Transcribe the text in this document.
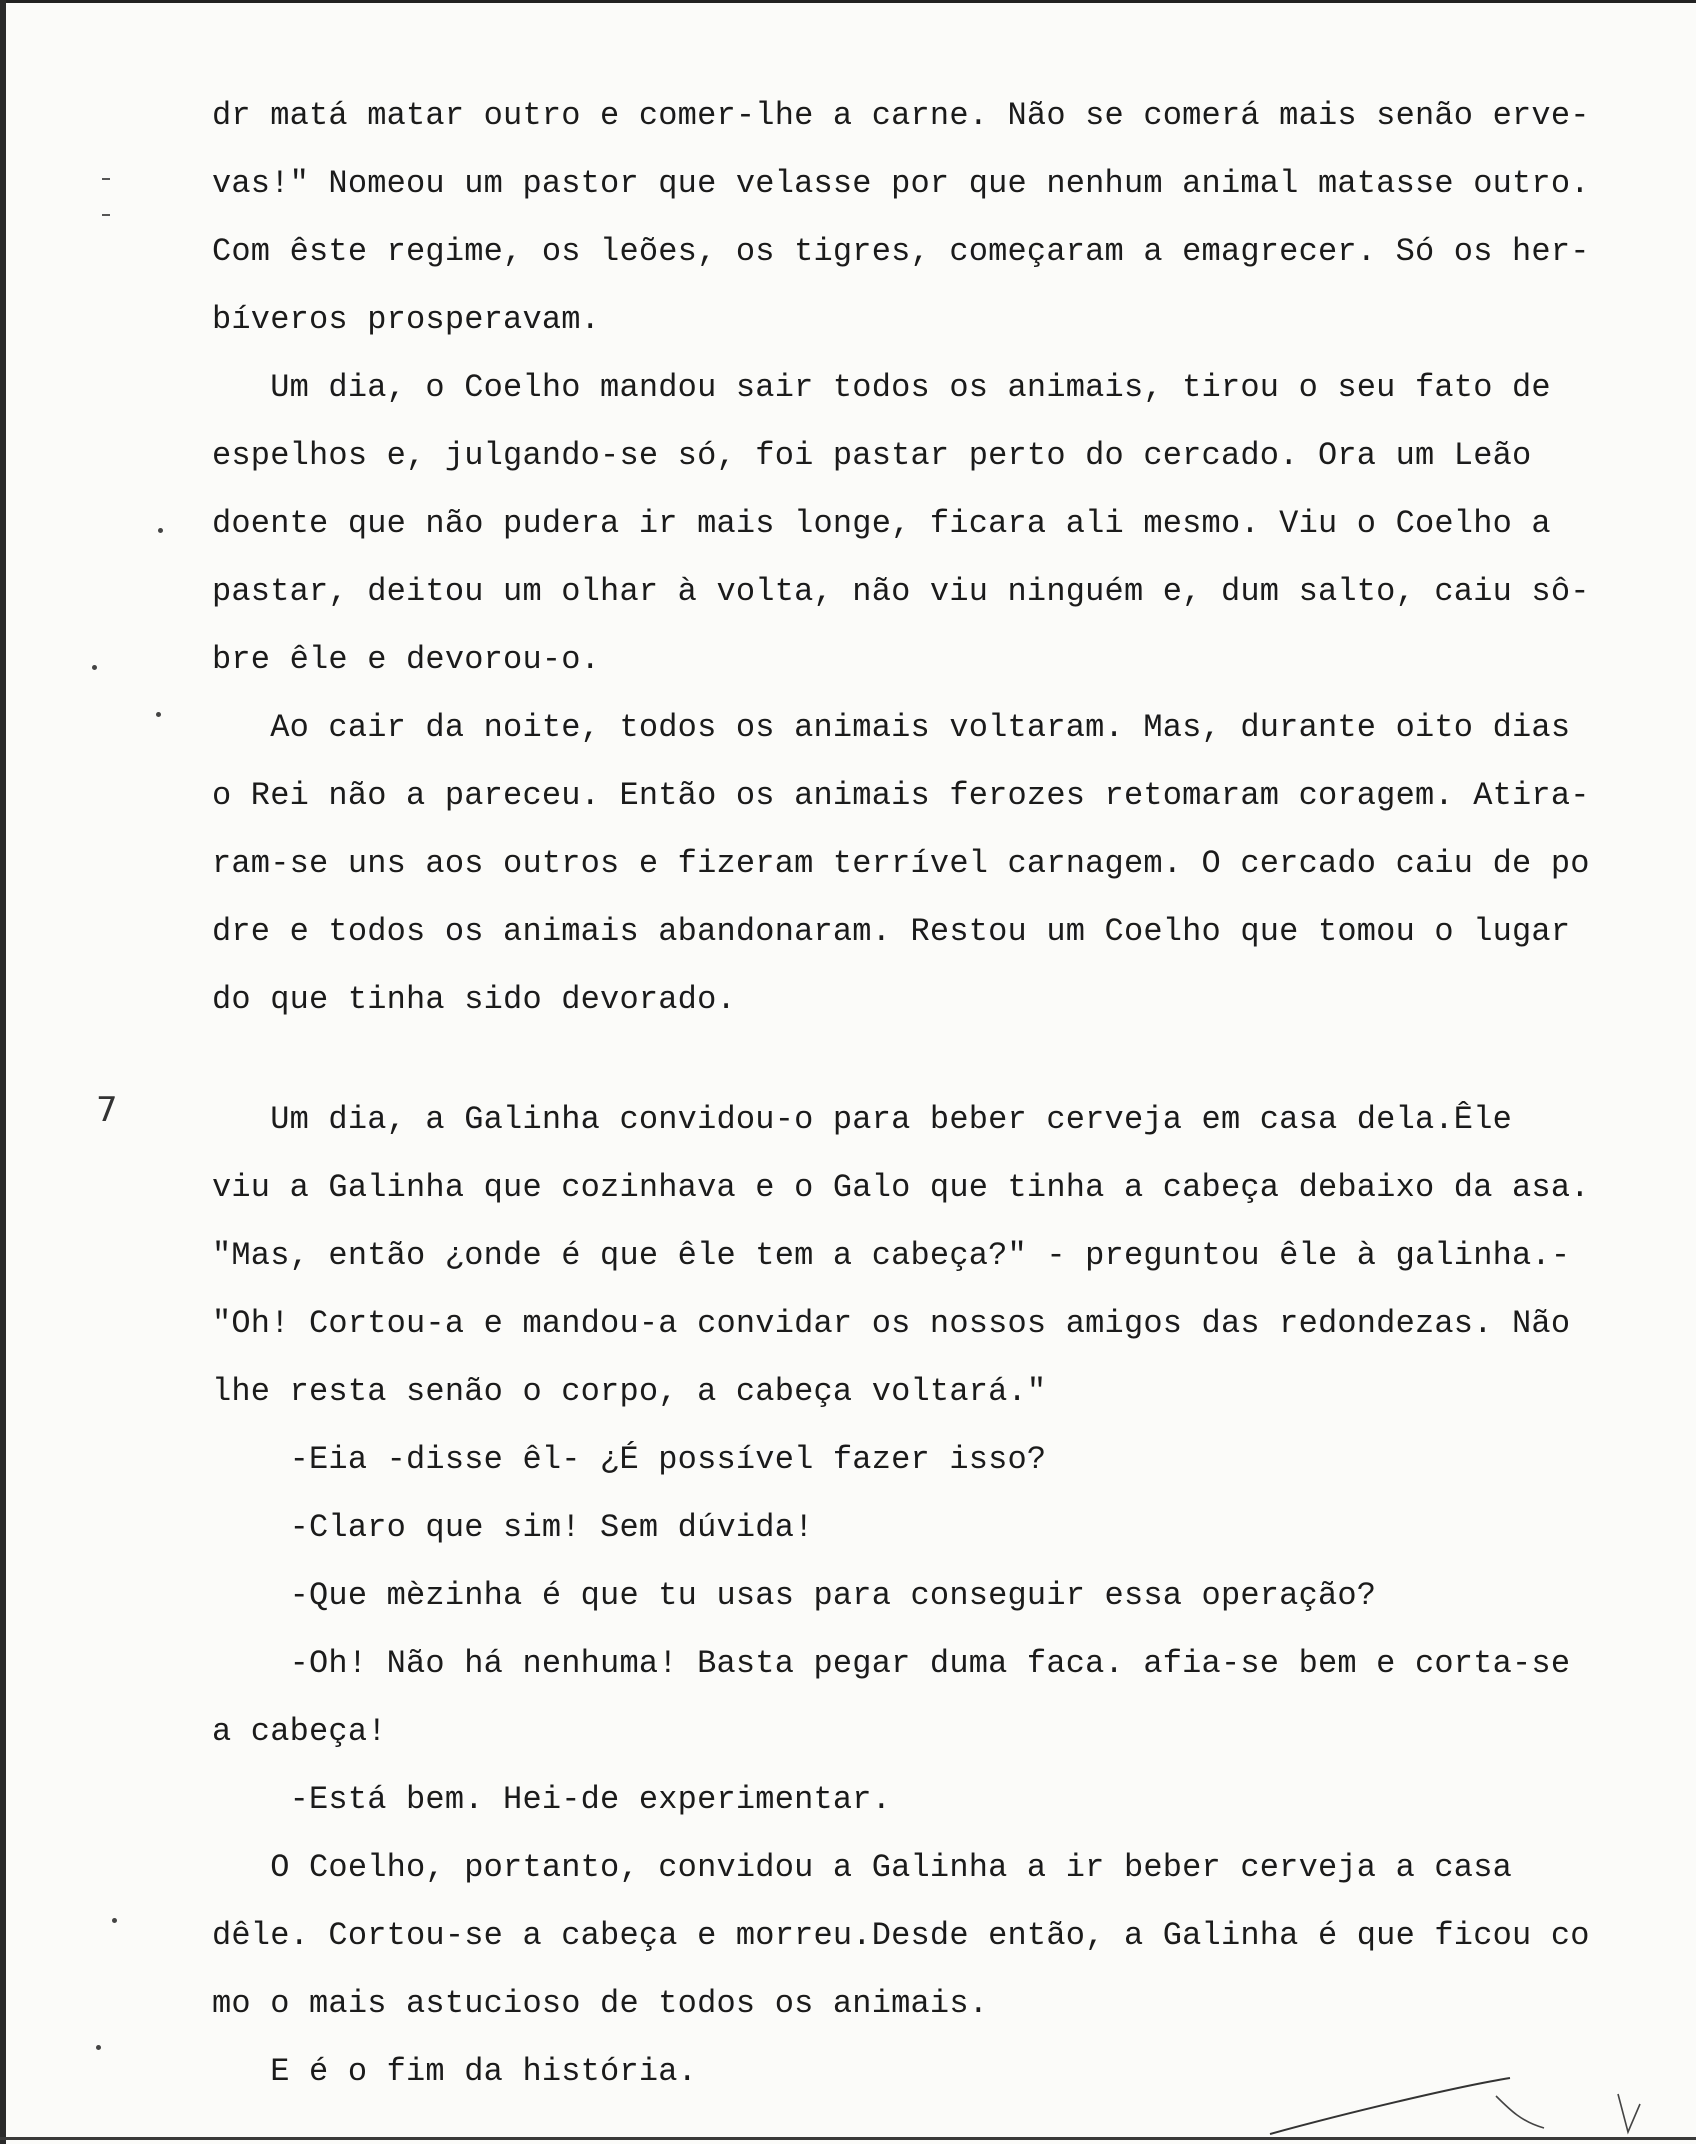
7
dr matá matar outro e comer-lhe a carne. Não se comerá mais senão erve-
vas!" Nomeou um pastor que velasse por que nenhum animal matasse outro.
Com êste regime, os leões, os tigres, começaram a emagrecer. Só os her-
bíveros prosperavam.
Um dia, o Coelho mandou sair todos os animais, tirou o seu fato de
espelhos e, julgando-se só, foi pastar perto do cercado. Ora um Leão
doente que não pudera ir mais longe, ficara ali mesmo. Viu o Coelho a
pastar, deitou um olhar à volta, não viu ninguém e, dum salto, caiu sô-
bre êle e devorou-o.
Ao cair da noite, todos os animais voltaram. Mas, durante oito dias
o Rei não a pareceu. Então os animais ferozes retomaram coragem. Atira-
ram-se uns aos outros e fizeram terrível carnagem. O cercado caiu de po
dre e todos os animais abandonaram. Restou um Coelho que tomou o lugar
do que tinha sido devorado.
Um dia, a Galinha convidou-o para beber cerveja em casa dela.Êle
viu a Galinha que cozinhava e o Galo que tinha a cabeça debaixo da asa.
"Mas, então ¿onde é que êle tem a cabeça?" - preguntou êle à galinha.-
"Oh! Cortou-a e mandou-a convidar os nossos amigos das redondezas. Não
lhe resta senão o corpo, a cabeça voltará."
-Eia -disse êl- ¿É possível fazer isso?
-Claro que sim! Sem dúvida!
-Que mèzinha é que tu usas para conseguir essa operação?
-Oh! Não há nenhuma! Basta pegar duma faca. afia-se bem e corta-se
a cabeça!
-Está bem. Hei-de experimentar.
O Coelho, portanto, convidou a Galinha a ir beber cerveja a casa
dêle. Cortou-se a cabeça e morreu.Desde então, a Galinha é que ficou co
mo o mais astucioso de todos os animais.
E é o fim da história.
